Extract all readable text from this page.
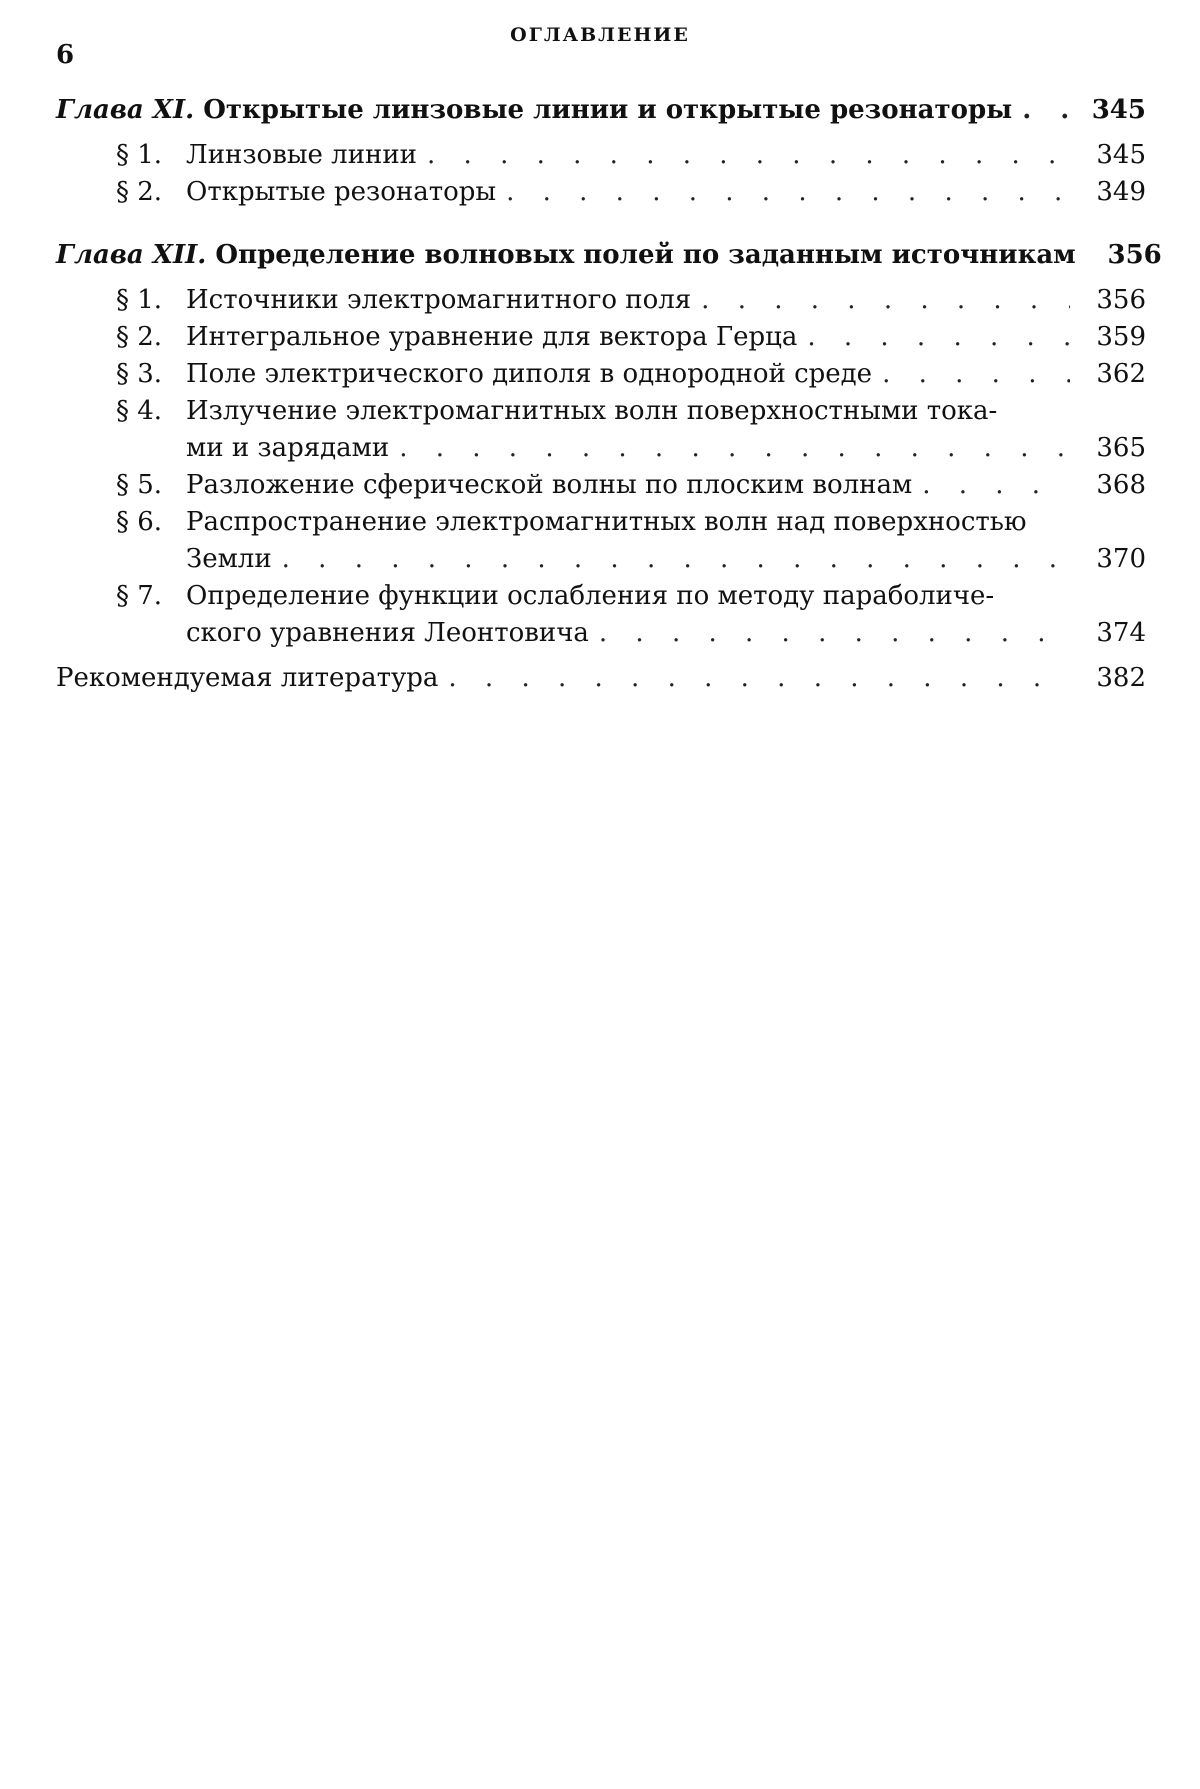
6
ОГЛАВЛЕНИЕ
Глава XI.
Открытые линзовые линии и открытые резонаторы
. . .	345
§ 1. Линзовые линии
. . .	345
§ 2. Открытые резонаторы
. . .	349
Глава XII.
Определение волновых полей по заданным источникам	356
§ 1. Источники электромагнитного поля
. . .	356
§ 2. Интегральное уравнение для вектора Герца
. . .	359
§ 3. Поле электрического диполя в однородной среде
. . .	362
§ 4. Излучение электромагнитных волн поверхностными тока-
ми и зарядами
. . .	365
§ 5. Разложение сферической волны по плоским волнам
. . .	368
§ 6. Распространение электромагнитных волн над поверхностью
Земли
. . .	370
§ 7. Определение функции ослабления по методу параболиче-
ского уравнения Леонтовича
. . .	374
Рекомендуемая литература
. . .	382
